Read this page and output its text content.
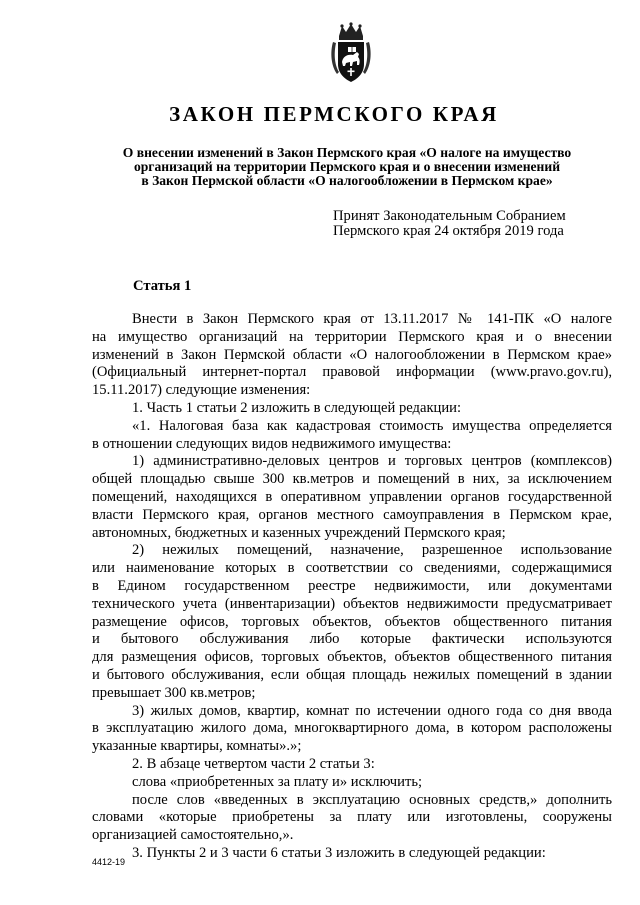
ЗАКОН ПЕРМСКОГО КРАЯ
О внесении изменений в Закон Пермского края «О налоге на имущество
организаций на территории Пермского края и о внесении изменений
в Закон Пермской области «О налогообложении в Пермском крае»
Принят Законодательным Собранием
Пермского края 24 октября 2019 года
Статья 1
Внести в Закон Пермского края от 13.11.2017 № 141-ПК «О налоге
на имущество организаций на территории Пермского края и о внесении
изменений в Закон Пермской области «О налогообложении в Пермском крае»
(Официальный интернет-портал правовой информации (www.pravo.gov.ru),
15.11.2017) следующие изменения:
1. Часть 1 статьи 2 изложить в следующей редакции:
«1. Налоговая база как кадастровая стоимость имущества определяется
в отношении следующих видов недвижимого имущества:
1) административно-деловых центров и торговых центров (комплексов)
общей площадью свыше 300 кв.метров и помещений в них, за исключением
помещений, находящихся в оперативном управлении органов государственной
власти Пермского края, органов местного самоуправления в Пермском крае,
автономных, бюджетных и казенных учреждений Пермского края;
2) нежилых помещений, назначение, разрешенное использование
или наименование которых в соответствии со сведениями, содержащимися
в Едином государственном реестре недвижимости, или документами
технического учета (инвентаризации) объектов недвижимости предусматривает
размещение офисов, торговых объектов, объектов общественного питания
и бытового обслуживания либо которые фактически используются
для размещения офисов, торговых объектов, объектов общественного питания
и бытового обслуживания, если общая площадь нежилых помещений в здании
превышает 300 кв.метров;
3) жилых домов, квартир, комнат по истечении одного года со дня ввода
в эксплуатацию жилого дома, многоквартирного дома, в котором расположены
указанные квартиры, комнаты».»;
2. В абзаце четвертом части 2 статьи 3:
слова «приобретенных за плату и» исключить;
после слов «введенных в эксплуатацию основных средств,» дополнить
словами «которые приобретены за плату или изготовлены, сооружены
организацией самостоятельно,».
3. Пункты 2 и 3 части 6 статьи 3 изложить в следующей редакции:
4412-19
